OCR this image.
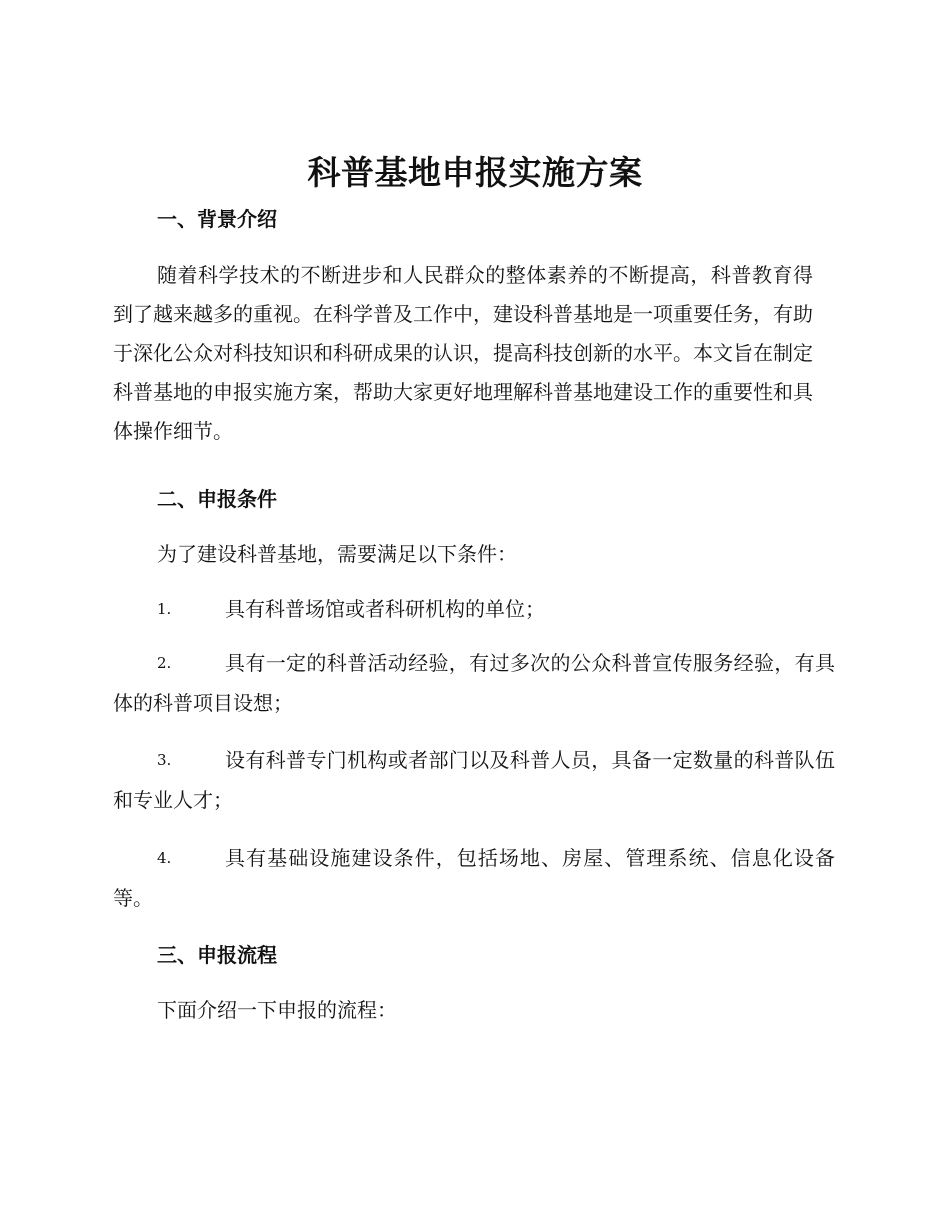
科普基地申报实施方案
一、背景介绍
随着科学技术的不断进步和人民群众的整体素养的不断提高，科普教育得到了越来越多的重视。在科学普及工作中，建设科普基地是一项重要任务，有助于深化公众对科技知识和科研成果的认识，提高科技创新的水平。本文旨在制定科普基地的申报实施方案，帮助大家更好地理解科普基地建设工作的重要性和具体操作细节。
二、申报条件
为了建设科普基地，需要满足以下条件：
1.	具有科普场馆或者科研机构的单位；
2.	具有一定的科普活动经验，有过多次的公众科普宣传服务经验，有具体的科普项目设想；
3.	设有科普专门机构或者部门以及科普人员，具备一定数量的科普队伍和专业人才；
4.	具有基础设施建设条件，包括场地、房屋、管理系统、信息化设备等。
三、申报流程
下面介绍一下申报的流程：
